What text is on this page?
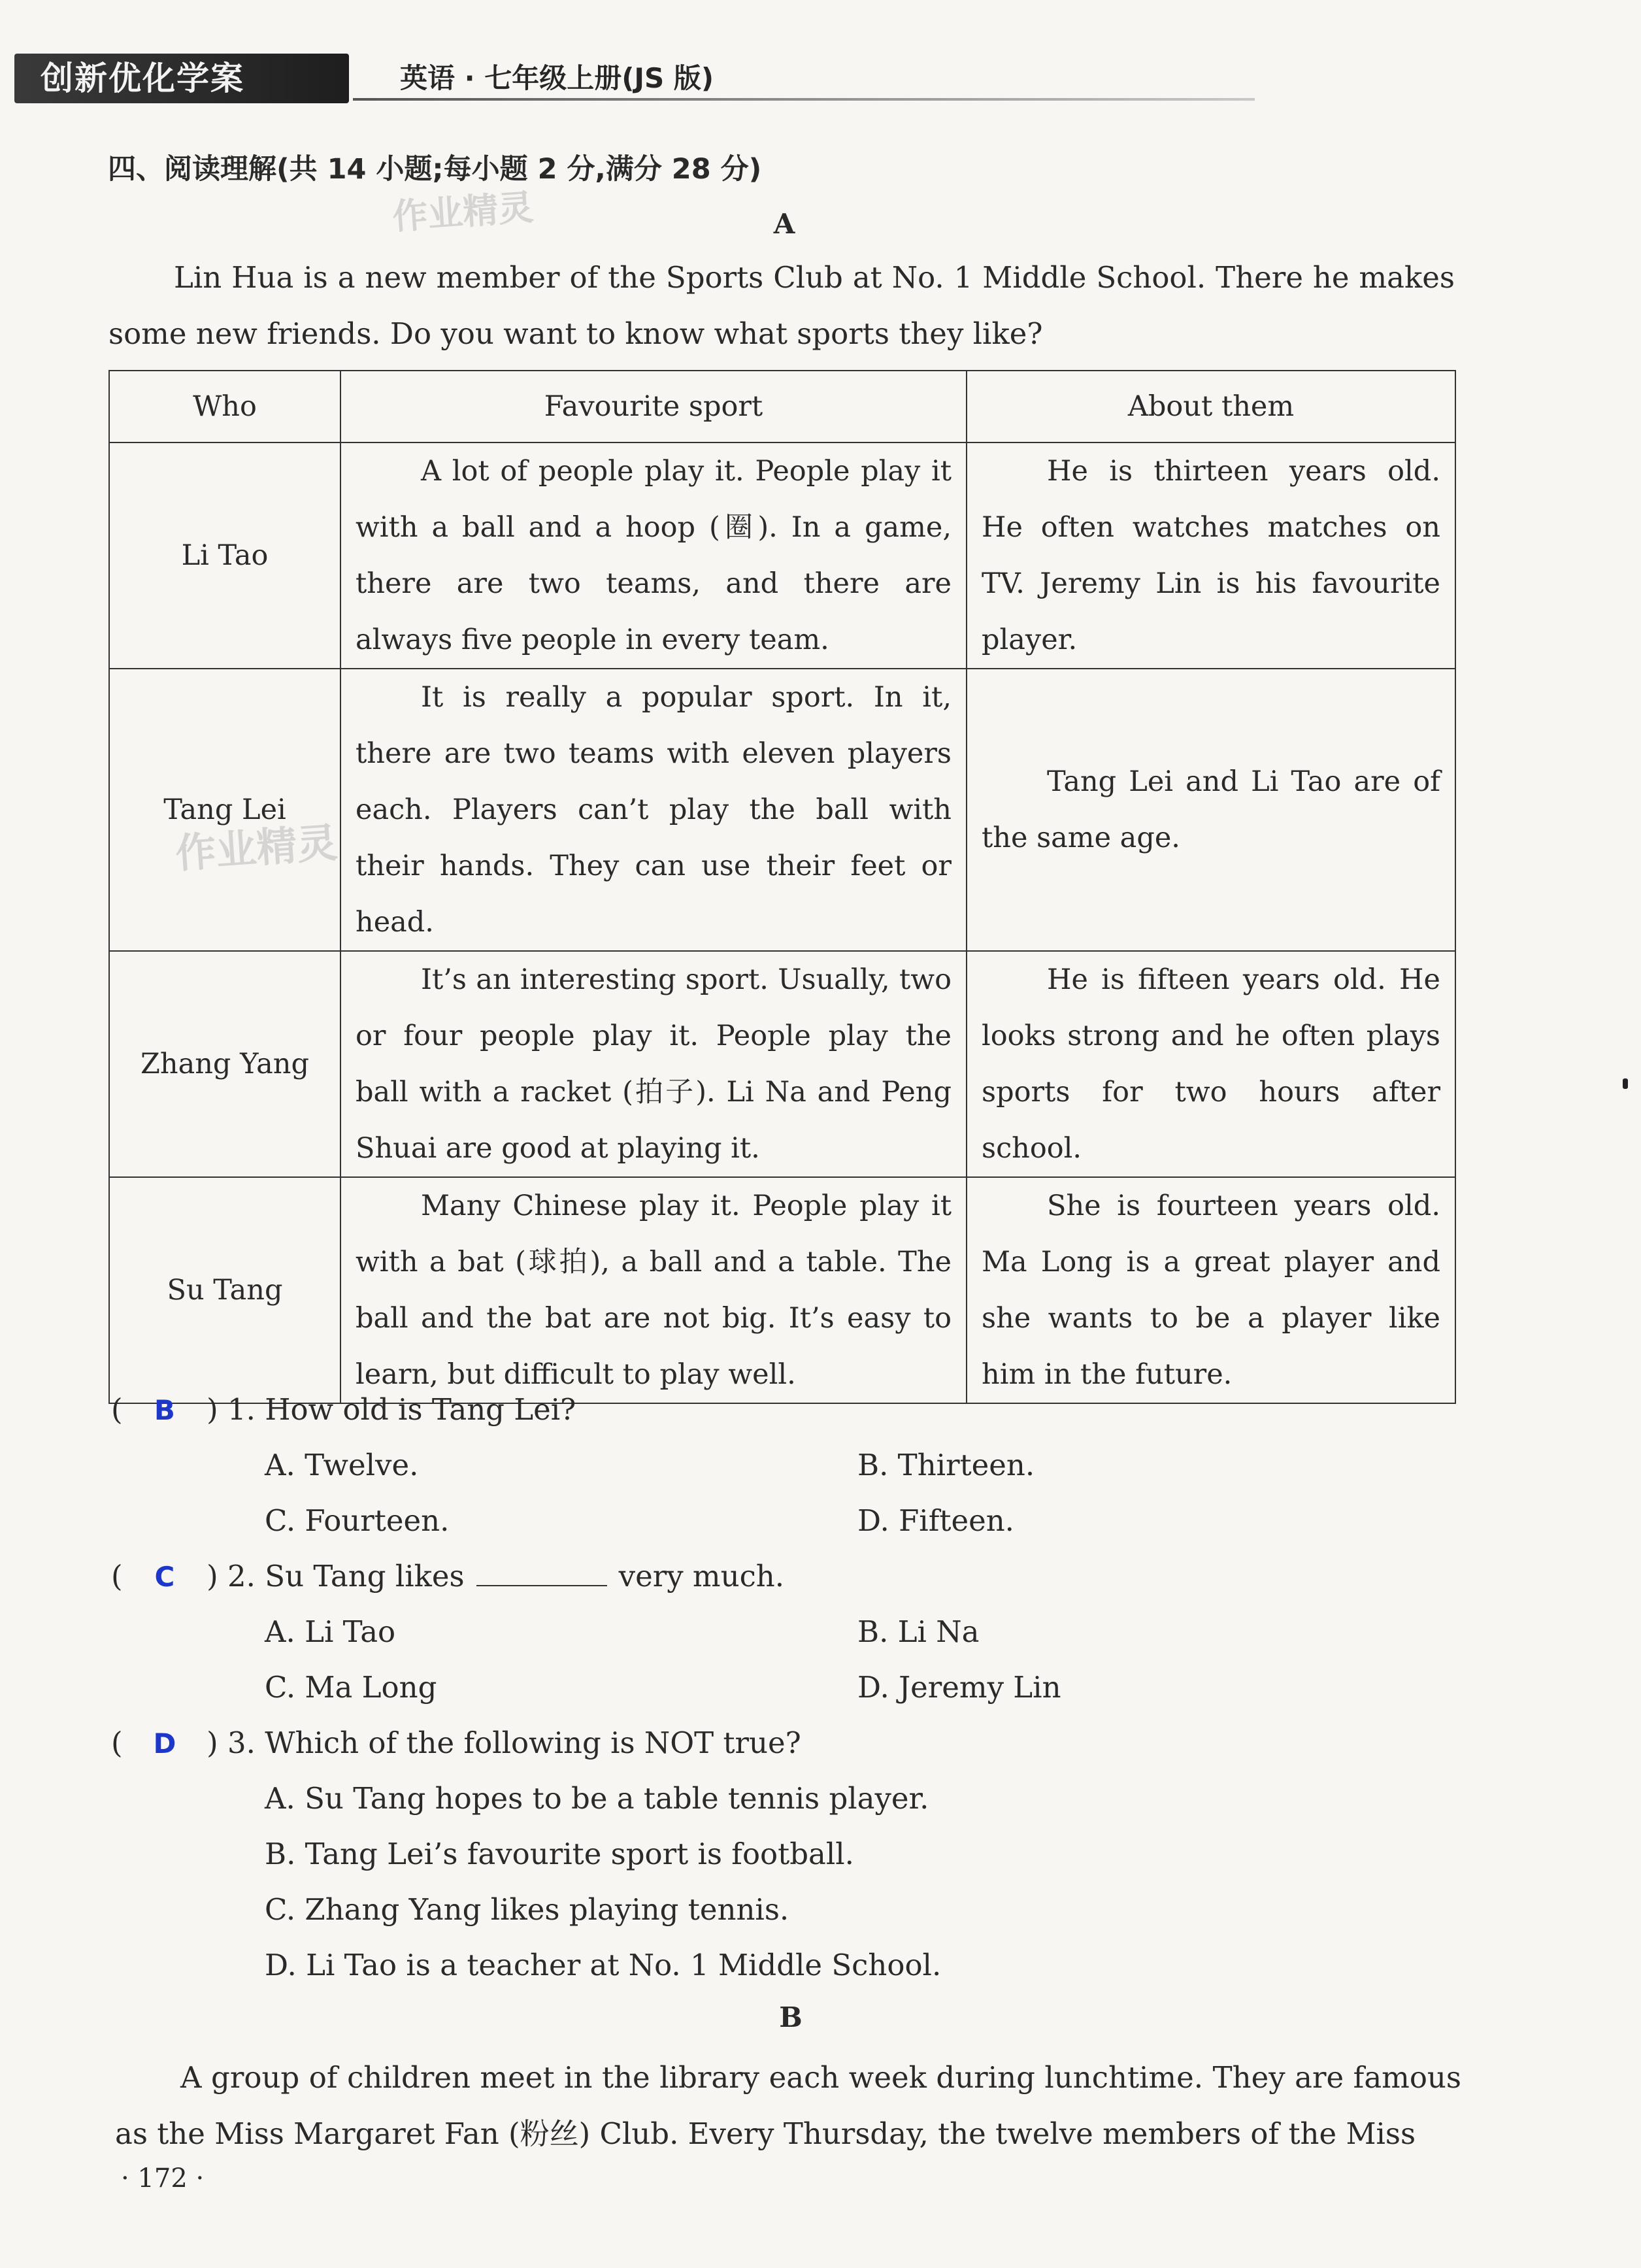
创新优化学案	英语 · 七年级上册(JS 版)
四、阅读理解(共 14 小题;每小题 2 分,满分 28 分)
作业精灵	A
Lin Hua is a new member of the Sports Club at No. 1 Middle School. There he makes some new friends. Do you want to know what sports they like?
Who	Favourite sport	About them
Li Tao	A lot of people play it. People play it with a ball and a hoop (圈). In a game, there are two teams, and there are always five people in every team.	He is thirteen years old. He often watches matches on TV. Jeremy Lin is his favourite player.
Tang Lei	It is really a popular sport. In it, there are two teams with eleven players each. Players can’t play the ball with their hands. They can use their feet or head.	Tang Lei and Li Tao are of the same age.
Zhang Yang	It’s an interesting sport. Usually, two or four people play it. People play the ball with a racket (拍子). Li Na and Peng Shuai are good at playing it.	He is fifteen years old. He looks strong and he often plays sports for two hours after school.
Su Tang	Many Chinese play it. People play it with a bat (球拍), a ball and a table. The ball and the bat are not big. It’s easy to learn, but difficult to play well.	She is fourteen years old. Ma Long is a great player and she wants to be a player like him in the future.
作业精灵
( B ) 1. How old is Tang Lei?
A. Twelve.	B. Thirteen.
C. Fourteen.	D. Fifteen.
( C ) 2. Su Tang likes	very much.
A. Li Tao	B. Li Na
C. Ma Long	D. Jeremy Lin
( D ) 3. Which of the following is NOT true?
A. Su Tang hopes to be a table tennis player.
B. Tang Lei’s favourite sport is football.
C. Zhang Yang likes playing tennis.
D. Li Tao is a teacher at No. 1 Middle School.
B
A group of children meet in the library each week during lunchtime. They are famous as the Miss Margaret Fan (粉丝) Club. Every Thursday, the twelve members of the Miss
· 172 ·
